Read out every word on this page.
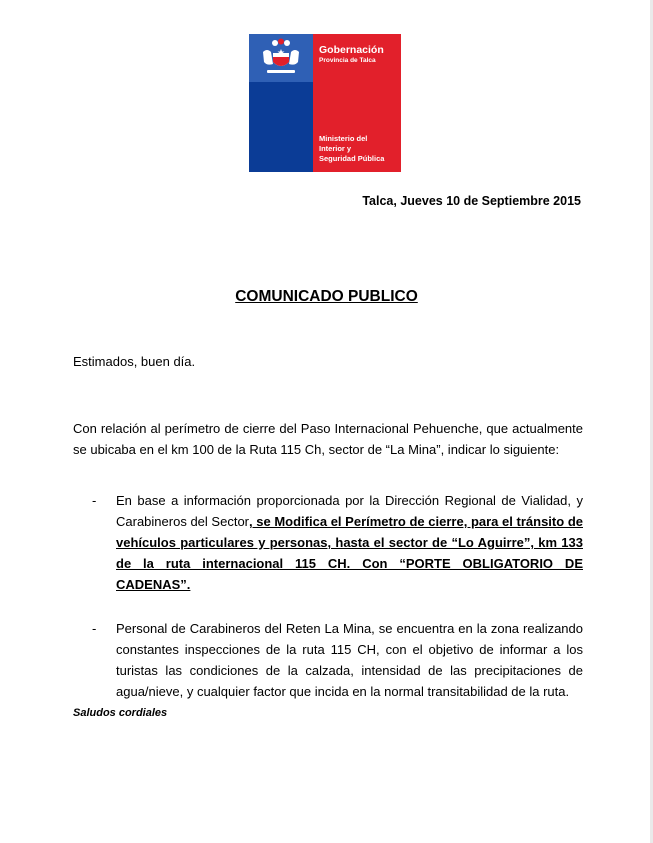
Gobernación
Provincia de Talca
Ministerio del
Interior y
Seguridad Pública
Talca, Jueves 10 de Septiembre 2015
COMUNICADO PUBLICO
Estimados, buen día.
Con relación al perímetro de cierre del Paso Internacional Pehuenche, que actualmente se ubicaba en el km 100 de la Ruta 115 Ch, sector de “La Mina”, indicar lo siguiente:
- En base a información proporcionada por la Dirección Regional de Vialidad, y Carabineros del Sector, se Modifica el Perímetro de cierre, para el tránsito de vehículos particulares y personas, hasta el sector de “Lo Aguirre”, km 133 de la ruta internacional 115 CH. Con “PORTE OBLIGATORIO DE CADENAS”.
- Personal de Carabineros del Reten La Mina, se encuentra en la zona realizando constantes inspecciones de la ruta 115 CH, con el objetivo de informar a los turistas las condiciones de la calzada, intensidad de las precipitaciones de agua/nieve, y cualquier factor que incida en la normal transitabilidad de la ruta.
Saludos cordiales
